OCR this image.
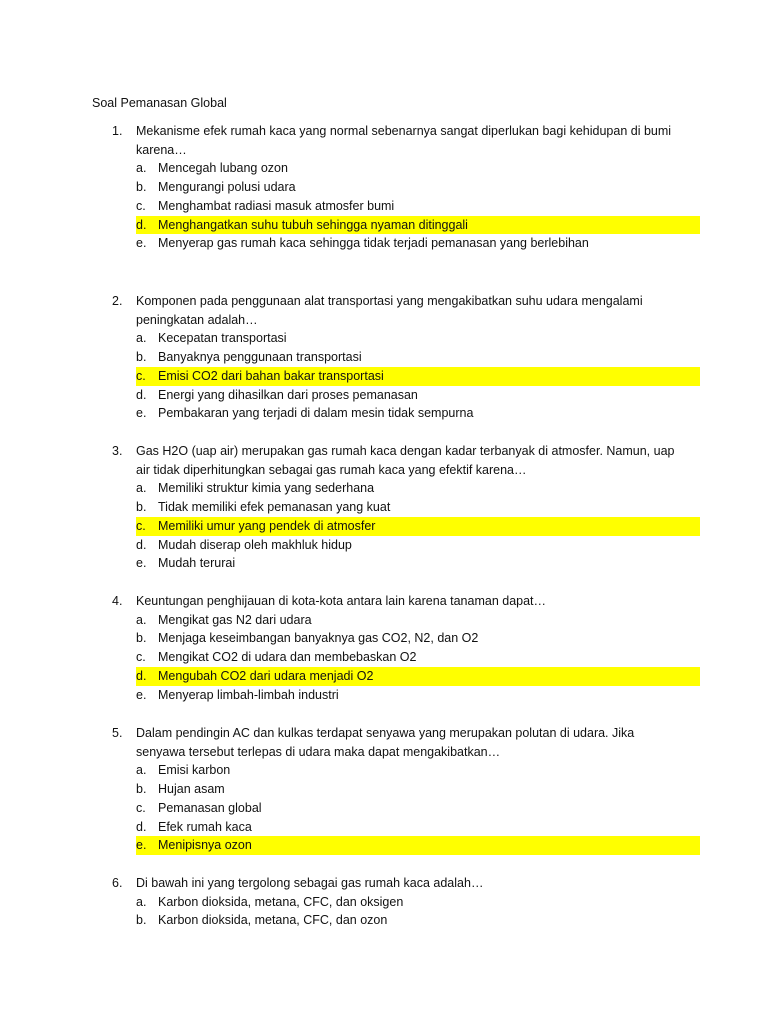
Soal Pemanasan Global
1. Mekanisme efek rumah kaca yang normal sebenarnya sangat diperlukan bagi kehidupan di bumi karena…
a. Mencegah lubang ozon
b. Mengurangi polusi udara
c. Menghambat radiasi masuk atmosfer bumi
d. Menghangatkan suhu tubuh sehingga nyaman ditinggali
e. Menyerap gas rumah kaca sehingga tidak terjadi pemanasan yang berlebihan
2. Komponen pada penggunaan alat transportasi yang mengakibatkan suhu udara mengalami peningkatan adalah…
a. Kecepatan transportasi
b. Banyaknya penggunaan transportasi
c. Emisi CO2 dari bahan bakar transportasi
d. Energi yang dihasilkan dari proses pemanasan
e. Pembakaran yang terjadi di dalam mesin tidak sempurna
3. Gas H2O (uap air) merupakan gas rumah kaca dengan kadar terbanyak di atmosfer. Namun, uap air tidak diperhitungkan sebagai gas rumah kaca yang efektif karena…
a. Memiliki struktur kimia yang sederhana
b. Tidak memiliki efek pemanasan yang kuat
c. Memiliki umur yang pendek di atmosfer
d. Mudah diserap oleh makhluk hidup
e. Mudah terurai
4. Keuntungan penghijauan di kota-kota antara lain karena tanaman dapat…
a. Mengikat gas N2 dari udara
b. Menjaga keseimbangan banyaknya gas CO2, N2, dan O2
c. Mengikat CO2 di udara dan membebaskan O2
d. Mengubah CO2 dari udara menjadi O2
e. Menyerap limbah-limbah industri
5. Dalam pendingin AC dan kulkas terdapat senyawa yang merupakan polutan di udara. Jika senyawa tersebut terlepas di udara maka dapat mengakibatkan…
a. Emisi karbon
b. Hujan asam
c. Pemanasan global
d. Efek rumah kaca
e. Menipisnya ozon
6. Di bawah ini yang tergolong sebagai gas rumah kaca adalah…
a. Karbon dioksida, metana, CFC, dan oksigen
b. Karbon dioksida, metana, CFC, dan ozon
